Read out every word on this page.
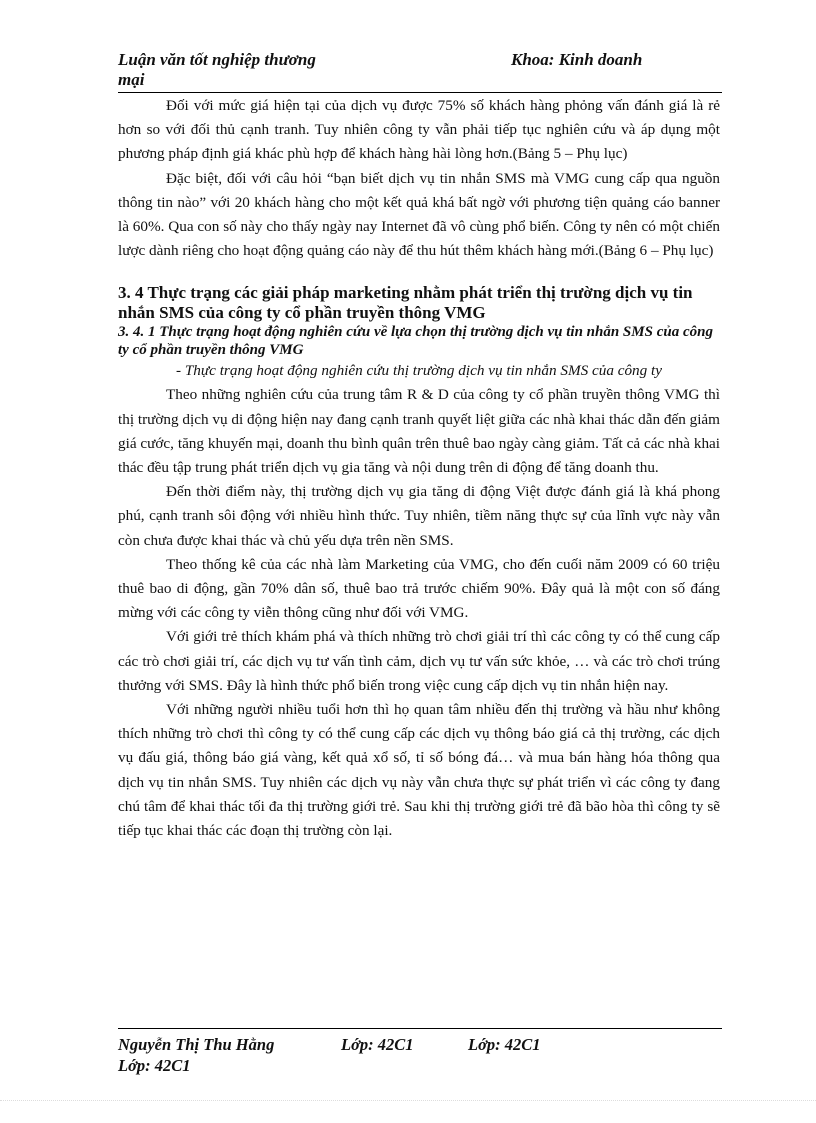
Luận văn tốt nghiệp thương mại
Khoa: Kinh doanh

Đối với mức giá hiện tại của dịch vụ được 75% số khách hàng phỏng vấn đánh giá là rẻ hơn so với đối thủ cạnh tranh. Tuy nhiên công ty vẫn phải tiếp tục nghiên cứu và áp dụng một phương pháp định giá khác phù hợp để khách hàng hài lòng hơn.(Bảng 5 – Phụ lục)

Đặc biệt, đối với câu hỏi “bạn biết dịch vụ tin nhắn SMS mà VMG cung cấp qua nguồn thông tin nào” với 20 khách hàng cho một kết quả khá bất ngờ với phương tiện quảng cáo banner là 60%. Qua con số này cho thấy ngày nay Internet đã vô cùng phổ biến. Công ty nên có một chiến lược dành riêng cho hoạt động quảng cáo này để thu hút thêm khách hàng mới.(Bảng 6 – Phụ lục)

3. 4 Thực trạng các giải pháp marketing nhằm phát triển thị trường dịch vụ tin nhắn SMS của công ty cổ phần truyền thông VMG
3. 4. 1 Thực trạng hoạt động nghiên cứu về lựa chọn thị trường dịch vụ tin nhắn SMS của công ty cổ phần truyền thông VMG

- Thực trạng hoạt động nghiên cứu thị trường dịch vụ tin nhắn SMS của công ty

Theo những nghiên cứu của trung tâm R & D của công ty cổ phần truyền thông VMG thì thị trường dịch vụ di động hiện nay đang cạnh tranh quyết liệt giữa các nhà khai thác dẫn đến giảm giá cước, tăng khuyến mại, doanh thu bình quân trên thuê bao ngày càng giảm. Tất cả các nhà khai thác đều tập trung phát triển dịch vụ gia tăng và nội dung trên di động để tăng doanh thu.

Đến thời điểm này, thị trường dịch vụ gia tăng di động Việt được đánh giá là khá phong phú, cạnh tranh sôi động với nhiều hình thức. Tuy nhiên, tiềm năng thực sự của lĩnh vực này vẫn còn chưa được khai thác và chủ yếu dựa trên nền SMS.

Theo thống kê của các nhà làm Marketing của VMG, cho đến cuối năm 2009 có 60 triệu thuê bao di động, gần 70% dân số, thuê bao trả trước chiếm 90%. Đây quả là một con số đáng mừng với các công ty viễn thông cũng như đối với VMG.

Với giới trẻ thích khám phá và thích những trò chơi giải trí thì các công ty có thể cung cấp các trò chơi giải trí, các dịch vụ tư vấn tình cảm, dịch vụ tư vấn sức khỏe, … và các trò chơi trúng thưởng với SMS. Đây là hình thức phổ biến trong việc cung cấp dịch vụ tin nhắn hiện nay.

Với những người nhiều tuổi hơn thì họ quan tâm nhiều đến thị trường và hầu như không thích những trò chơi thì công ty có thể cung cấp các dịch vụ thông báo giá cả thị trường, các dịch vụ đấu giá, thông báo giá vàng, kết quả xổ số, tỉ số bóng đá… và mua bán hàng hóa thông qua dịch vụ tin nhắn SMS. Tuy nhiên các dịch vụ này vẫn chưa thực sự phát triển vì các công ty đang chú tâm để khai thác tối đa thị trường giới trẻ. Sau khi thị trường giới trẻ đã bão hòa thì công ty sẽ tiếp tục khai thác các đoạn thị trường còn lại.

Nguyễn Thị Thu Hằng	Lớp: 42C1	Lớp: 42C1
Lớp: 42C1
